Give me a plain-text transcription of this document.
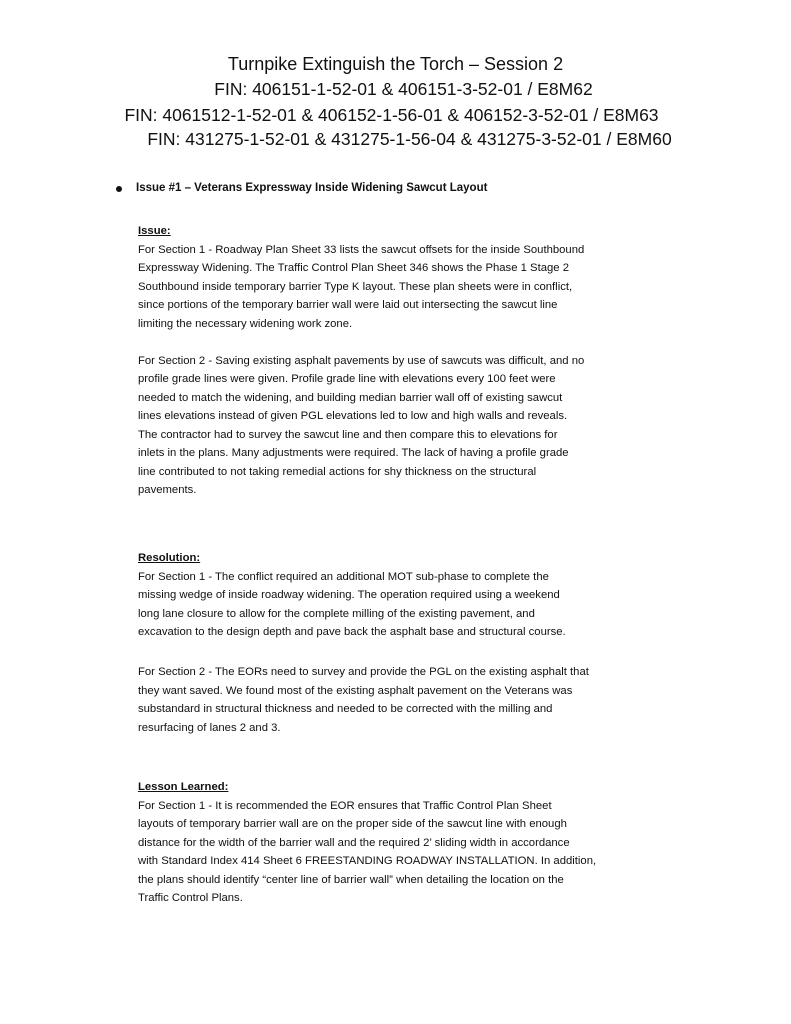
Turnpike Extinguish the Torch – Session 2
FIN: 406151-1-52-01 & 406151-3-52-01 / E8M62
FIN: 4061512-1-52-01 & 406152-1-56-01 & 406152-3-52-01 / E8M63
FIN: 431275-1-52-01 & 431275-1-56-04 & 431275-3-52-01 / E8M60
Issue #1 – Veterans Expressway Inside Widening Sawcut Layout

Issue:

For Section 1 - Roadway Plan Sheet 33 lists the sawcut offsets for the inside Southbound

Expressway Widening. The Traffic Control Plan Sheet 346 shows the Phase 1 Stage 2

Southbound inside temporary barrier Type K layout. These plan sheets were in conflict,

since portions of the temporary barrier wall were laid out intersecting the sawcut line

limiting the necessary widening work zone.

For Section 2 - Saving existing asphalt pavements by use of sawcuts was difficult, and no

profile grade lines were given. Profile grade line with elevations every 100 feet were

needed to match the widening, and building median barrier wall off of existing sawcut

lines elevations instead of given PGL elevations led to low and high walls and reveals.

The contractor had to survey the sawcut line and then compare this to elevations for

inlets in the plans. Many adjustments were required. The lack of having a profile grade

line contributed to not taking remedial actions for shy thickness on the structural

pavements.

Resolution:

For Section 1 - The conflict required an additional MOT sub-phase to complete the

missing wedge of inside roadway widening. The operation required using a weekend

long lane closure to allow for the complete milling of the existing pavement, and

excavation to the design depth and pave back the asphalt base and structural course.

For Section 2 - The EORs need to survey and provide the PGL on the existing asphalt that

they want saved. We found most of the existing asphalt pavement on the Veterans was

substandard in structural thickness and needed to be corrected with the milling and

resurfacing of lanes 2 and 3.

Lesson Learned:

For Section 1 - It is recommended the EOR ensures that Traffic Control Plan Sheet

layouts of temporary barrier wall are on the proper side of the sawcut line with enough

distance for the width of the barrier wall and the required 2’ sliding width in accordance

with Standard Index 414 Sheet 6 FREESTANDING ROADWAY INSTALLATION. In addition,

the plans should identify “center line of barrier wall” when detailing the location on the

Traffic Control Plans.
